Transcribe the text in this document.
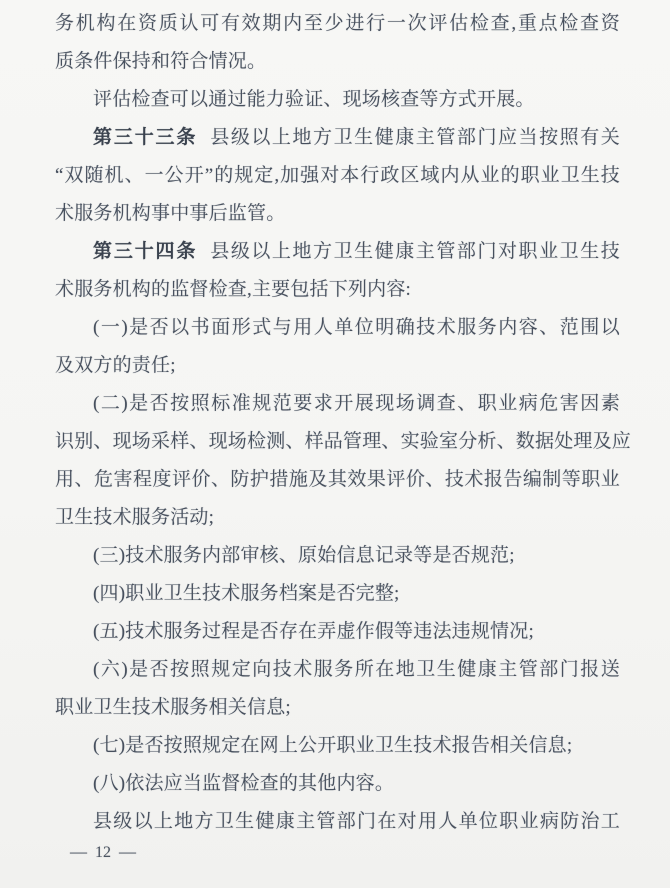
务机构在资质认可有效期内至少进行一次评估检查,重点检查资
质条件保持和符合情况。
评估检查可以通过能力验证、现场核查等方式开展。
第三十三条 县级以上地方卫生健康主管部门应当按照有关
“双随机、一公开”的规定,加强对本行政区域内从业的职业卫生技
术服务机构事中事后监管。
第三十四条 县级以上地方卫生健康主管部门对职业卫生技
术服务机构的监督检查,主要包括下列内容:
(一)是否以书面形式与用人单位明确技术服务内容、范围以
及双方的责任;
(二)是否按照标准规范要求开展现场调查、职业病危害因素
识别、现场采样、现场检测、样品管理、实验室分析、数据处理及应
用、危害程度评价、防护措施及其效果评价、技术报告编制等职业
卫生技术服务活动;
(三)技术服务内部审核、原始信息记录等是否规范;
(四)职业卫生技术服务档案是否完整;
(五)技术服务过程是否存在弄虚作假等违法违规情况;
(六)是否按照规定向技术服务所在地卫生健康主管部门报送
职业卫生技术服务相关信息;
(七)是否按照规定在网上公开职业卫生技术报告相关信息;
(八)依法应当监督检查的其他内容。
县级以上地方卫生健康主管部门在对用人单位职业病防治工
— 12 —
